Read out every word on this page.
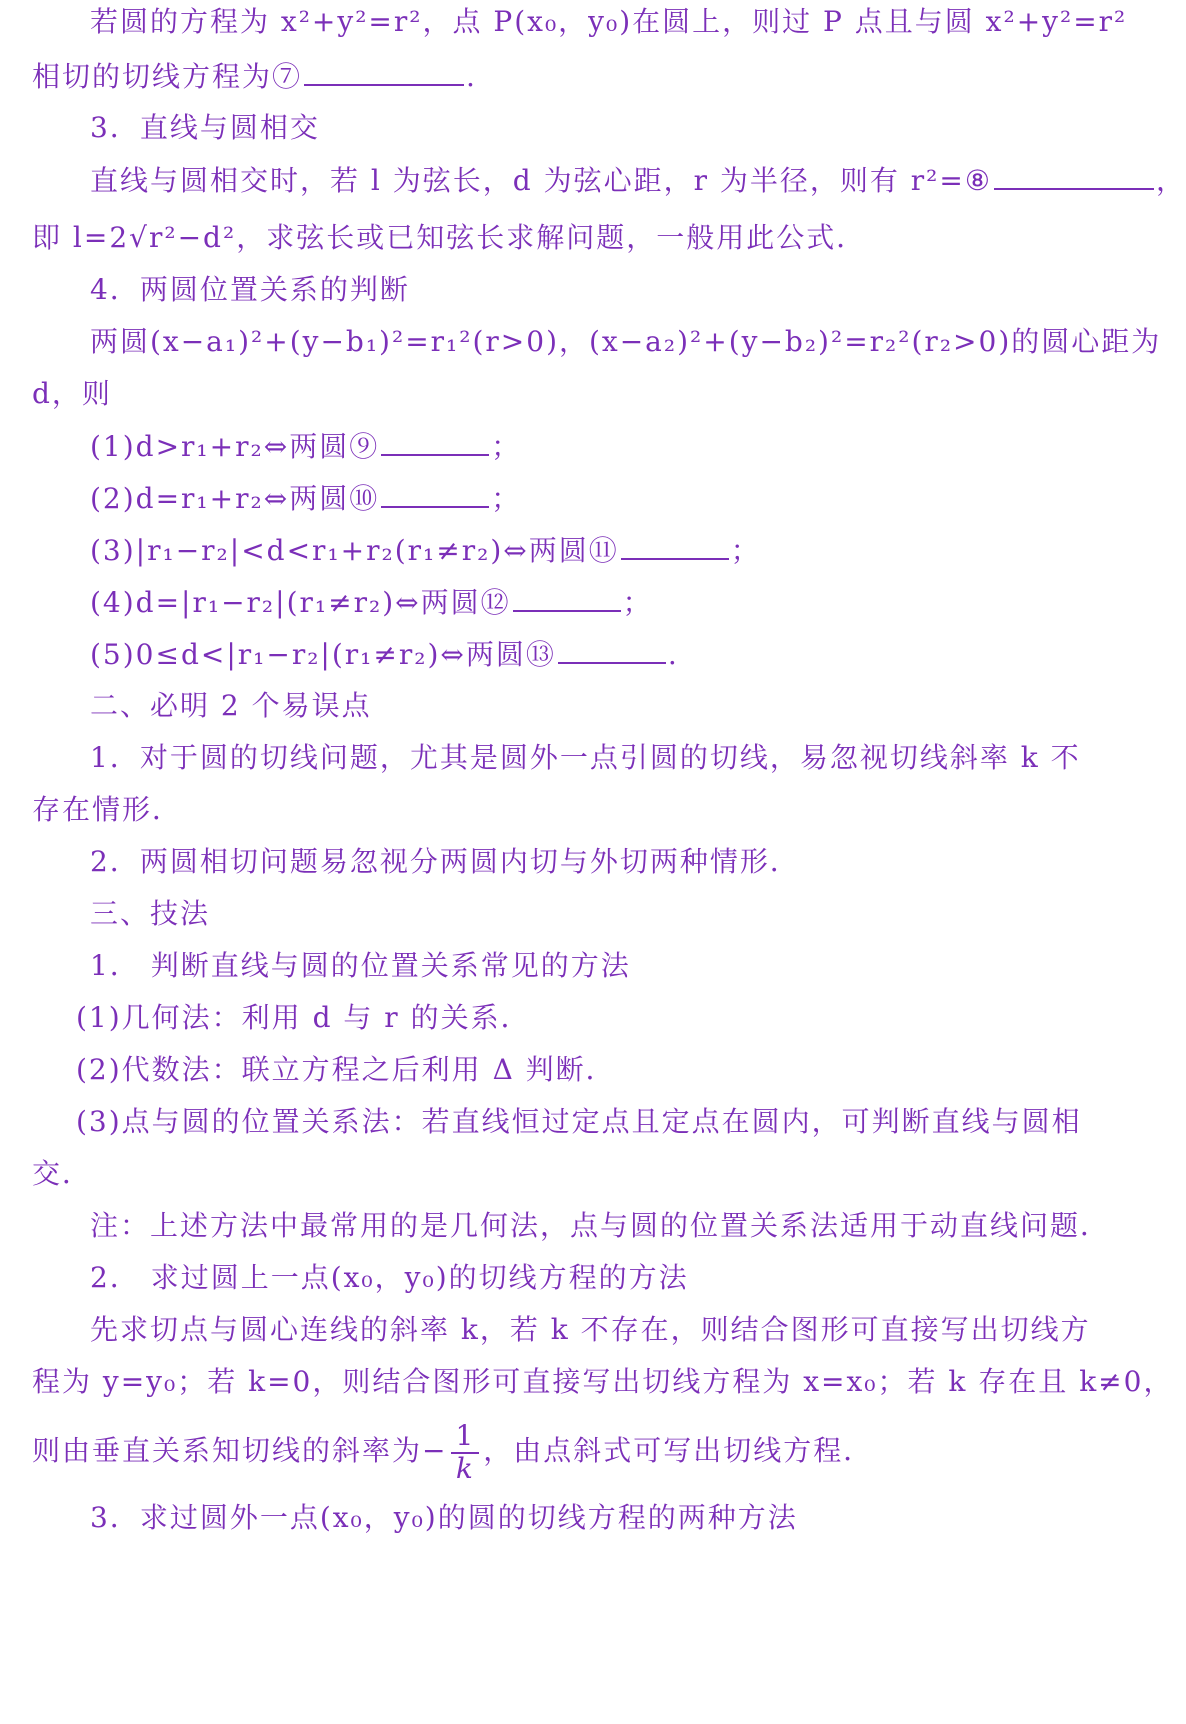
若圆的方程为 x²+y²=r²，点 P(x₀，y₀)在圆上，则过 P 点且与圆 x²+y²=r²
相切的切线方程为⑦	.
3．直线与圆相交
直线与圆相交时，若 l 为弦长，d 为弦心距，r 为半径，则有 r²=⑧	，
即 l=2√r²−d²，求弦长或已知弦长求解问题，一般用此公式．
4．两圆位置关系的判断
两圆(x−a₁)²+(y−b₁)²=r₁²(r>0)，(x−a₂)²+(y−b₂)²=r₂²(r₂>0)的圆心距为
d，则
(1)d>r₁+r₂⇔两圆⑨	；
(2)d=r₁+r₂⇔两圆⑩	；
(3)|r₁−r₂|<d<r₁+r₂(r₁≠r₂)⇔两圆⑪	；
(4)d=|r₁−r₂|(r₁≠r₂)⇔两圆⑫	；
(5)0≤d<|r₁−r₂|(r₁≠r₂)⇔两圆⑬	.
二、必明 2 个易误点
1．对于圆的切线问题，尤其是圆外一点引圆的切线，易忽视切线斜率 k 不
存在情形．
2．两圆相切问题易忽视分两圆内切与外切两种情形．
三、技法
1． 判断直线与圆的位置关系常见的方法
(1)几何法：利用 d 与 r 的关系．
(2)代数法：联立方程之后利用 Δ 判断．
(3)点与圆的位置关系法：若直线恒过定点且定点在圆内，可判断直线与圆相
交．
注：上述方法中最常用的是几何法，点与圆的位置关系法适用于动直线问题．
2． 求过圆上一点(x₀，y₀)的切线方程的方法
先求切点与圆心连线的斜率 k，若 k 不存在，则结合图形可直接写出切线方
程为 y=y₀；若 k=0，则结合图形可直接写出切线方程为 x=x₀；若 k 存在且 k≠0，
则由垂直关系知切线的斜率为− $\frac{1}{k}$ ，由点斜式可写出切线方程．
3．求过圆外一点(x₀，y₀)的圆的切线方程的两种方法
